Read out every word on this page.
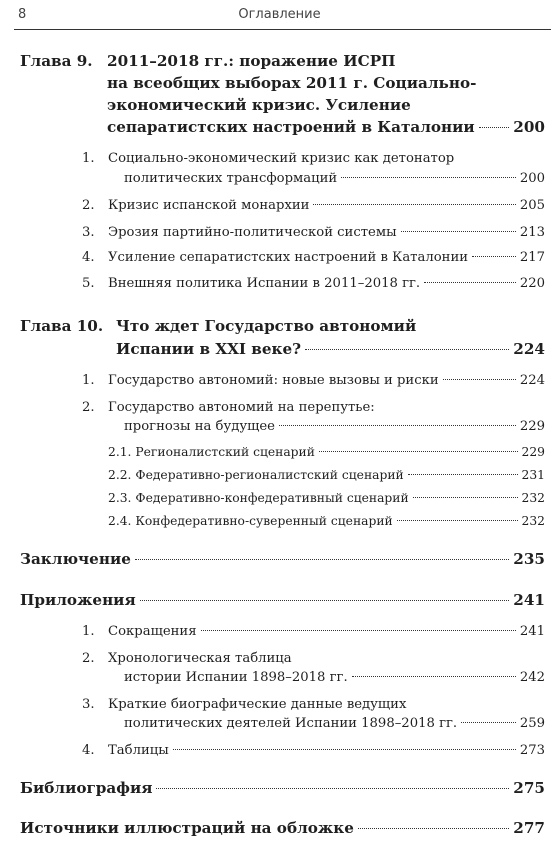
8	Оглавление
Глава 9. 2011–2018 гг.: поражение ИСРП
на всеобщих выборах 2011 г. Социально-
экономический кризис. Усиление
сепаратистских настроений в Каталонии	200
1. Социально-экономический кризис как детонатор
политических трансформаций	200
2. Кризис испанской монархии	205
3. Эрозия партийно-политической системы	213
4. Усиление сепаратистских настроений в Каталонии	217
5. Внешняя политика Испании в 2011–2018 гг.	220
Глава 10. Что ждет Государство автономий
Испании в XXI веке?	224
1. Государство автономий: новые вызовы и риски	224
2. Государство автономий на перепутье:
прогнозы на будущее	229
2.1. Регионалистский сценарий	229
2.2. Федеративно-регионалистский сценарий	231
2.3. Федеративно-конфедеративный сценарий	232
2.4. Конфедеративно-суверенный сценарий	232
Заключение	235
Приложения	241
1. Сокращения	241
2. Хронологическая таблица
истории Испании 1898–2018 гг.	242
3. Краткие биографические данные ведущих
политических деятелей Испании 1898–2018 гг.	259
4. Таблицы	273
Библиография	275
Источники иллюстраций на обложке	277
